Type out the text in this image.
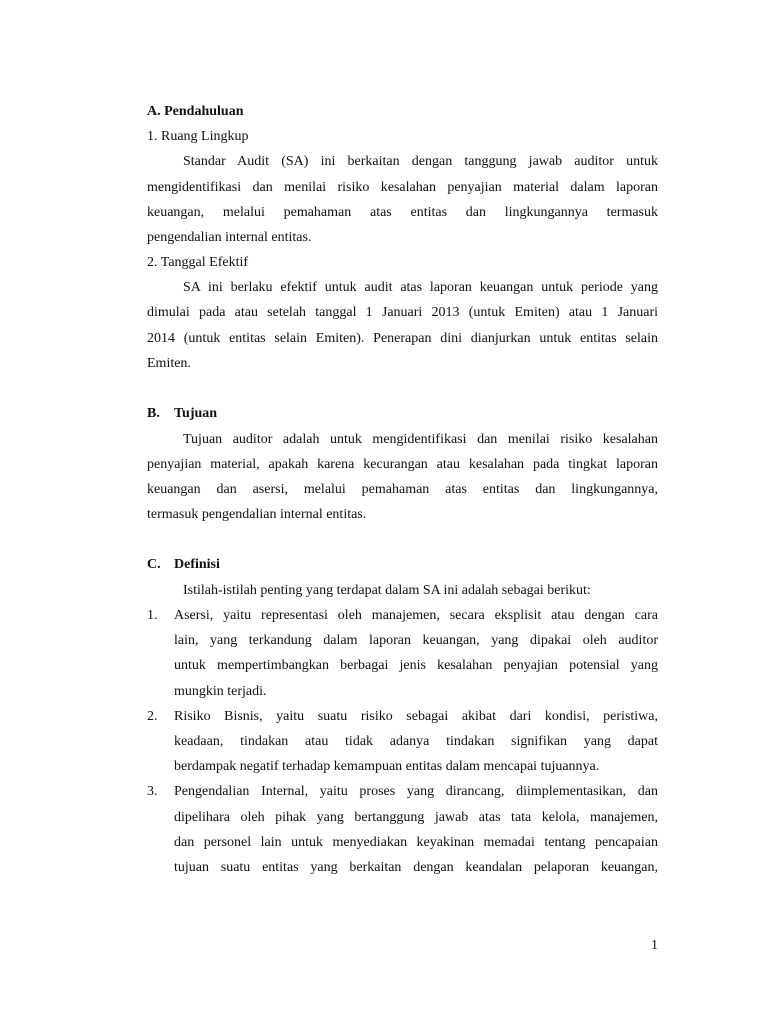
A. Pendahuluan
1. Ruang Lingkup
Standar Audit (SA) ini berkaitan dengan tanggung jawab auditor untuk
mengidentifikasi dan menilai risiko kesalahan penyajian material dalam laporan
keuangan, melalui pemahaman atas entitas dan lingkungannya termasuk
pengendalian internal entitas.
2. Tanggal Efektif
SA ini berlaku efektif untuk audit atas laporan keuangan untuk periode yang
dimulai pada atau setelah tanggal 1 Januari 2013 (untuk Emiten) atau 1 Januari
2014 (untuk entitas selain Emiten). Penerapan dini dianjurkan untuk entitas selain
Emiten.
B. Tujuan
Tujuan auditor adalah untuk mengidentifikasi dan menilai risiko kesalahan
penyajian material, apakah karena kecurangan atau kesalahan pada tingkat laporan
keuangan dan asersi, melalui pemahaman atas entitas dan lingkungannya,
termasuk pengendalian internal entitas.
C. Definisi
Istilah-istilah penting yang terdapat dalam SA ini adalah sebagai berikut:
1. Asersi, yaitu representasi oleh manajemen, secara eksplisit atau dengan cara
lain, yang terkandung dalam laporan keuangan, yang dipakai oleh auditor
untuk mempertimbangkan berbagai jenis kesalahan penyajian potensial yang
mungkin terjadi.
2. Risiko Bisnis, yaitu suatu risiko sebagai akibat dari kondisi, peristiwa,
keadaan, tindakan atau tidak adanya tindakan signifikan yang dapat
berdampak negatif terhadap kemampuan entitas dalam mencapai tujuannya.
3. Pengendalian Internal, yaitu proses yang dirancang, diimplementasikan, dan
dipelihara oleh pihak yang bertanggung jawab atas tata kelola, manajemen,
dan personel lain untuk menyediakan keyakinan memadai tentang pencapaian
tujuan suatu entitas yang berkaitan dengan keandalan pelaporan keuangan,
1
